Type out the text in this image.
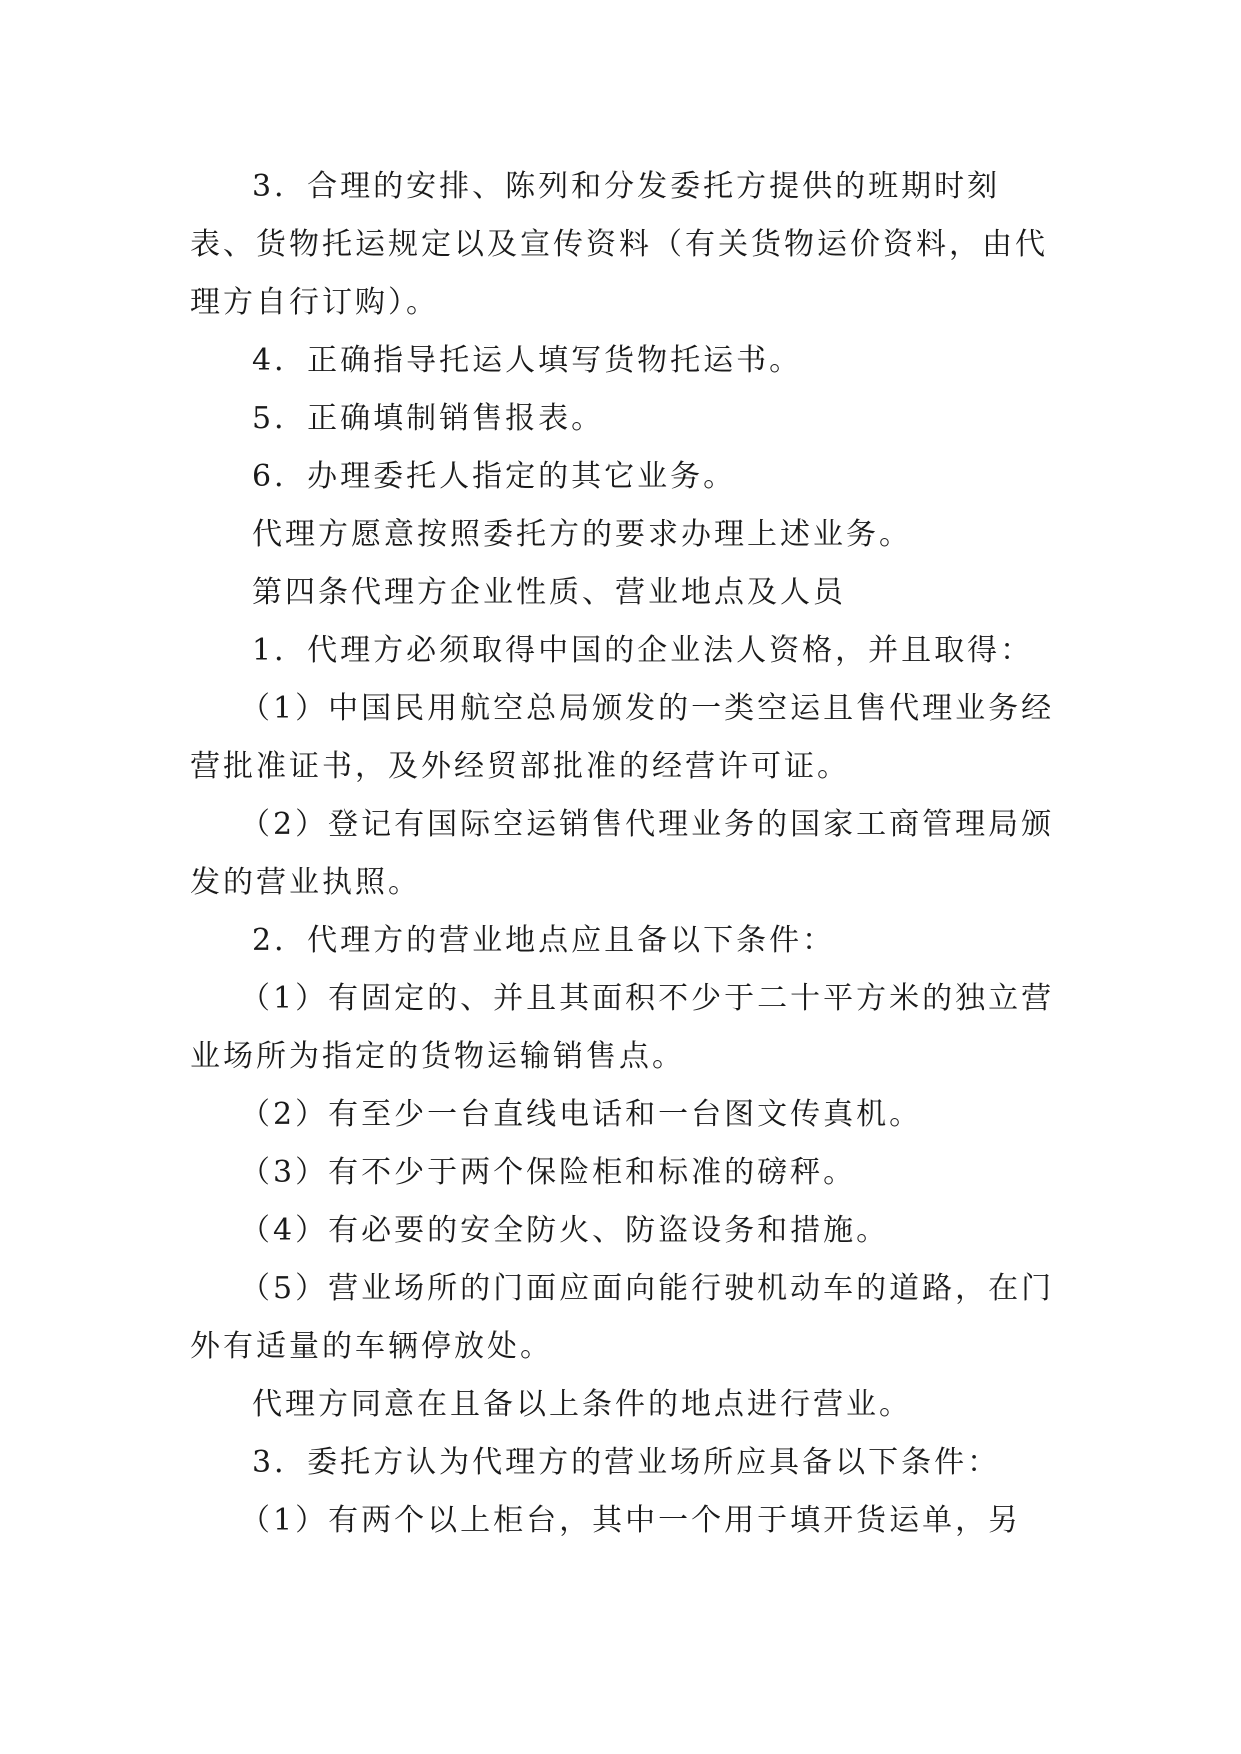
3．合理的安排、陈列和分发委托方提供的班期时刻表、货物托运规定以及宣传资料（有关货物运价资料，由代理方自行订购）。

4．正确指导托运人填写货物托运书。

5．正确填制销售报表。

6．办理委托人指定的其它业务。

代理方愿意按照委托方的要求办理上述业务。

第四条代理方企业性质、营业地点及人员

1．代理方必须取得中国的企业法人资格，并且取得：

（1）中国民用航空总局颁发的一类空运且售代理业务经营批准证书，及外经贸部批准的经营许可证。

（2）登记有国际空运销售代理业务的国家工商管理局颁发的营业执照。

2．代理方的营业地点应且备以下条件：

（1）有固定的、并且其面积不少于二十平方米的独立营业场所为指定的货物运输销售点。

（2）有至少一台直线电话和一台图文传真机。

（3）有不少于两个保险柜和标准的磅秤。

（4）有必要的安全防火、防盗设务和措施。

（5）营业场所的门面应面向能行驶机动车的道路，在门外有适量的车辆停放处。

代理方同意在且备以上条件的地点进行营业。

3．委托方认为代理方的营业场所应具备以下条件：

（1）有两个以上柜台，其中一个用于填开货运单，另
